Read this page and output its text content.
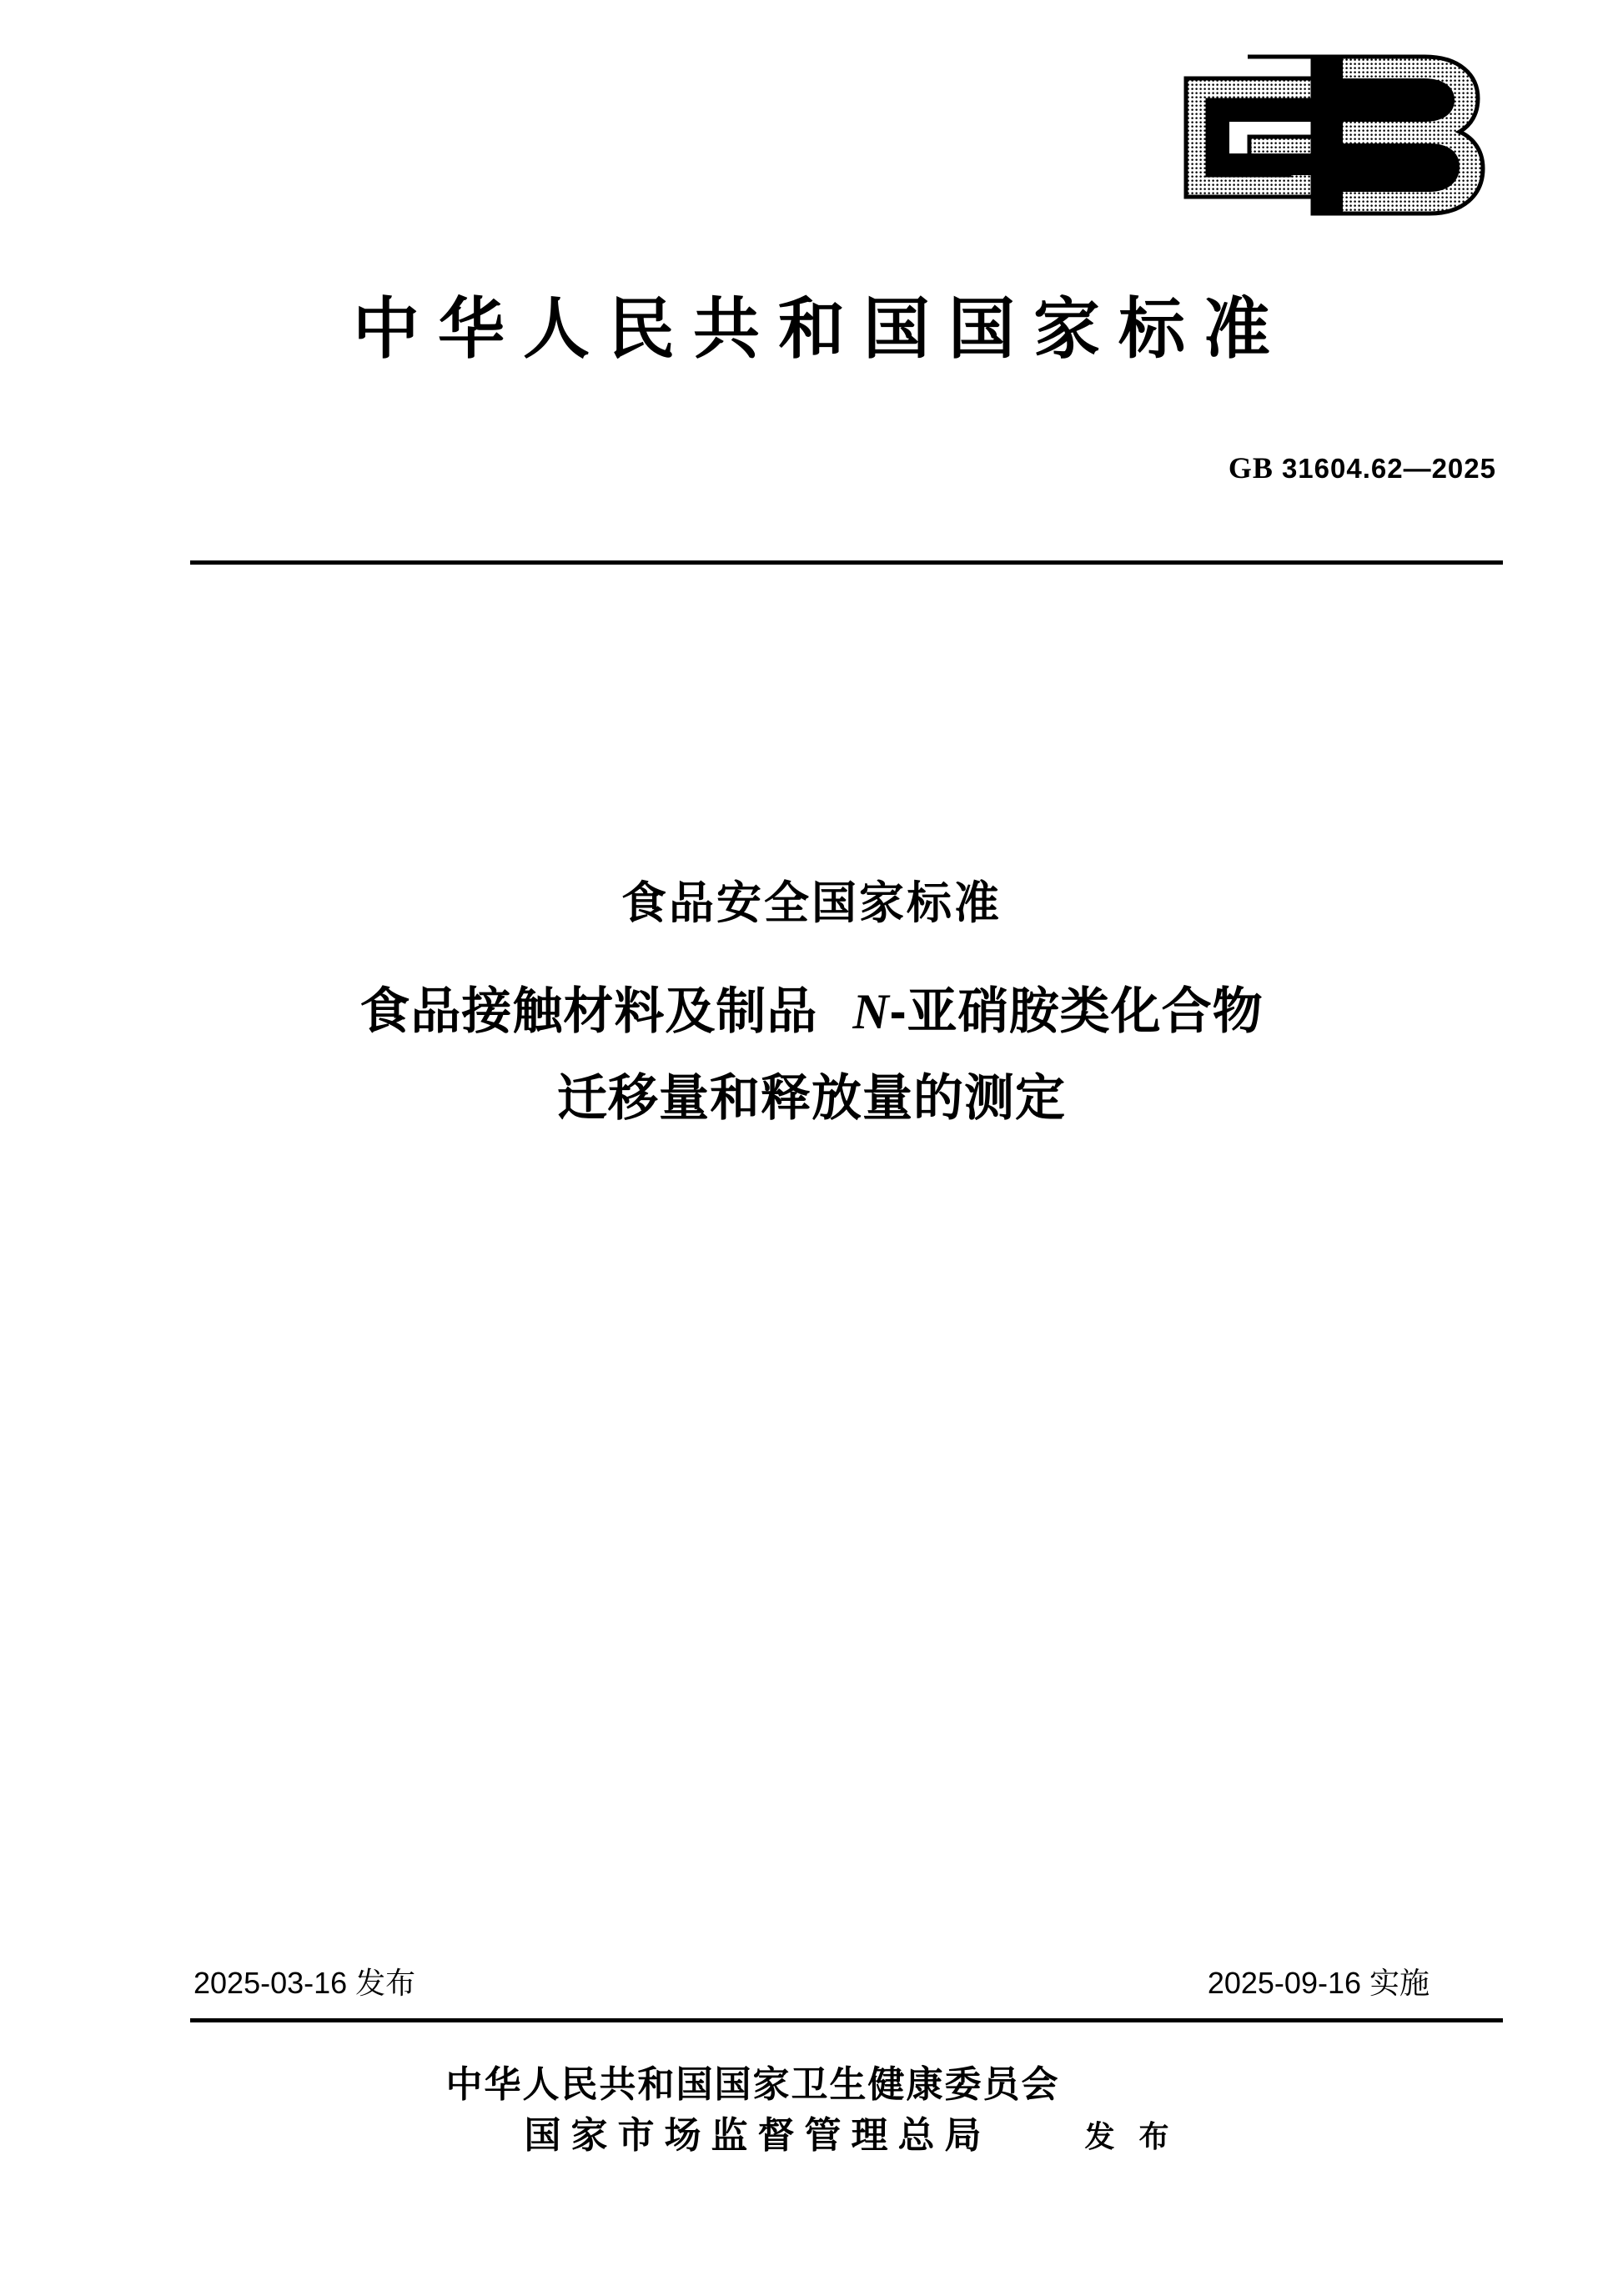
中华人民共和国国家标准
GB 31604.62—2025
食品安全国家标准
食品接触材料及制品 N-亚硝胺类化合物
迁移量和释放量的测定
2025-03-16 发布	2025-09-16 实施
中华人民共和国国家卫生健康委员会
国家市场监督管理总局	发 布
